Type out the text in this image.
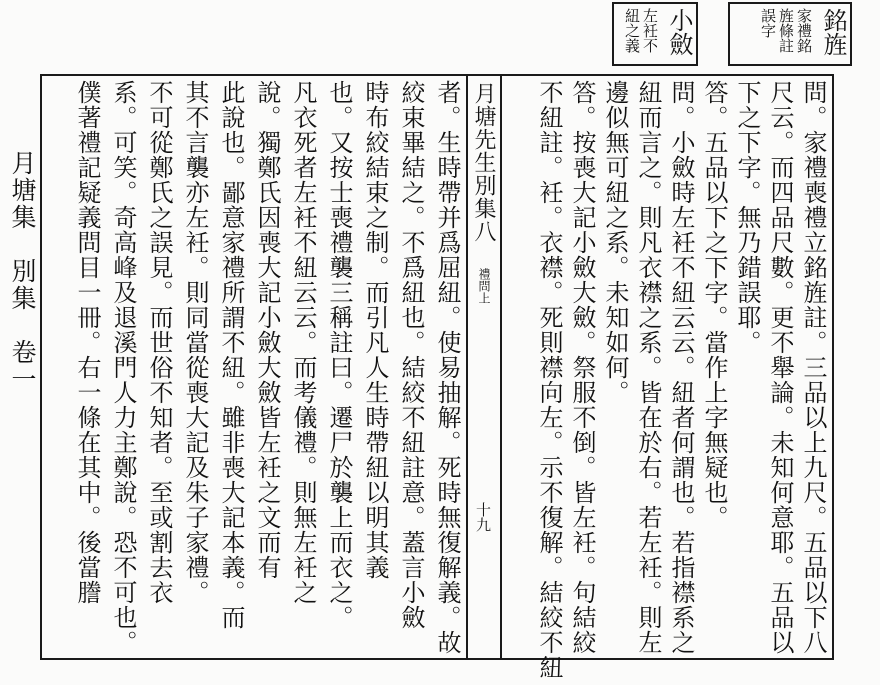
月塘集　別集　卷一
銘旌
家禮銘
旌條註
誤字
小斂
左衽不
紐之義
月塘先生別集八
禮問上
十九	問。家禮喪禮立銘旌註。三品以上九尺。五品以下八
尺云。而四品尺數。更不舉論。未知何意耶。五品以
下之下字。無乃錯誤耶。
答。五品以下之下字。當作上字無疑也。
問。小斂時左衽不紐云云。紐者何謂也。若指襟系之
紐而言之。則凡衣襟之系。皆在於右。若左衽。則左
邊似無可紐之系。未知如何。
答。按喪大記小斂大斂。祭服不倒。皆左衽。句結絞
不紐註。衽。衣襟。死則襟向左。示不復解。結絞不紐
者。生時帶并爲屈紐。使易抽解。死時無復解義。故
絞束畢結之。不爲紐也。結絞不紐註意。蓋言小斂
時布絞結束之制。而引凡人生時帶紐以明其義
也。又按士喪禮襲三稱註曰。遷尸於襲上而衣之。
凡衣死者左衽不紐云云。而考儀禮。則無左衽之
說。獨鄭氏因喪大記小斂大斂皆左衽之文而有
此說也。鄙意家禮所謂不紐。雖非喪大記本義。而
其不言襲亦左衽。則同當從喪大記及朱子家禮。
不可從鄭氏之誤見。而世俗不知者。至或割去衣
系。可笑。奇高峰及退溪門人力主鄭說。恐不可也。
僕著禮記疑義問目一冊。右一條在其中。後當謄
